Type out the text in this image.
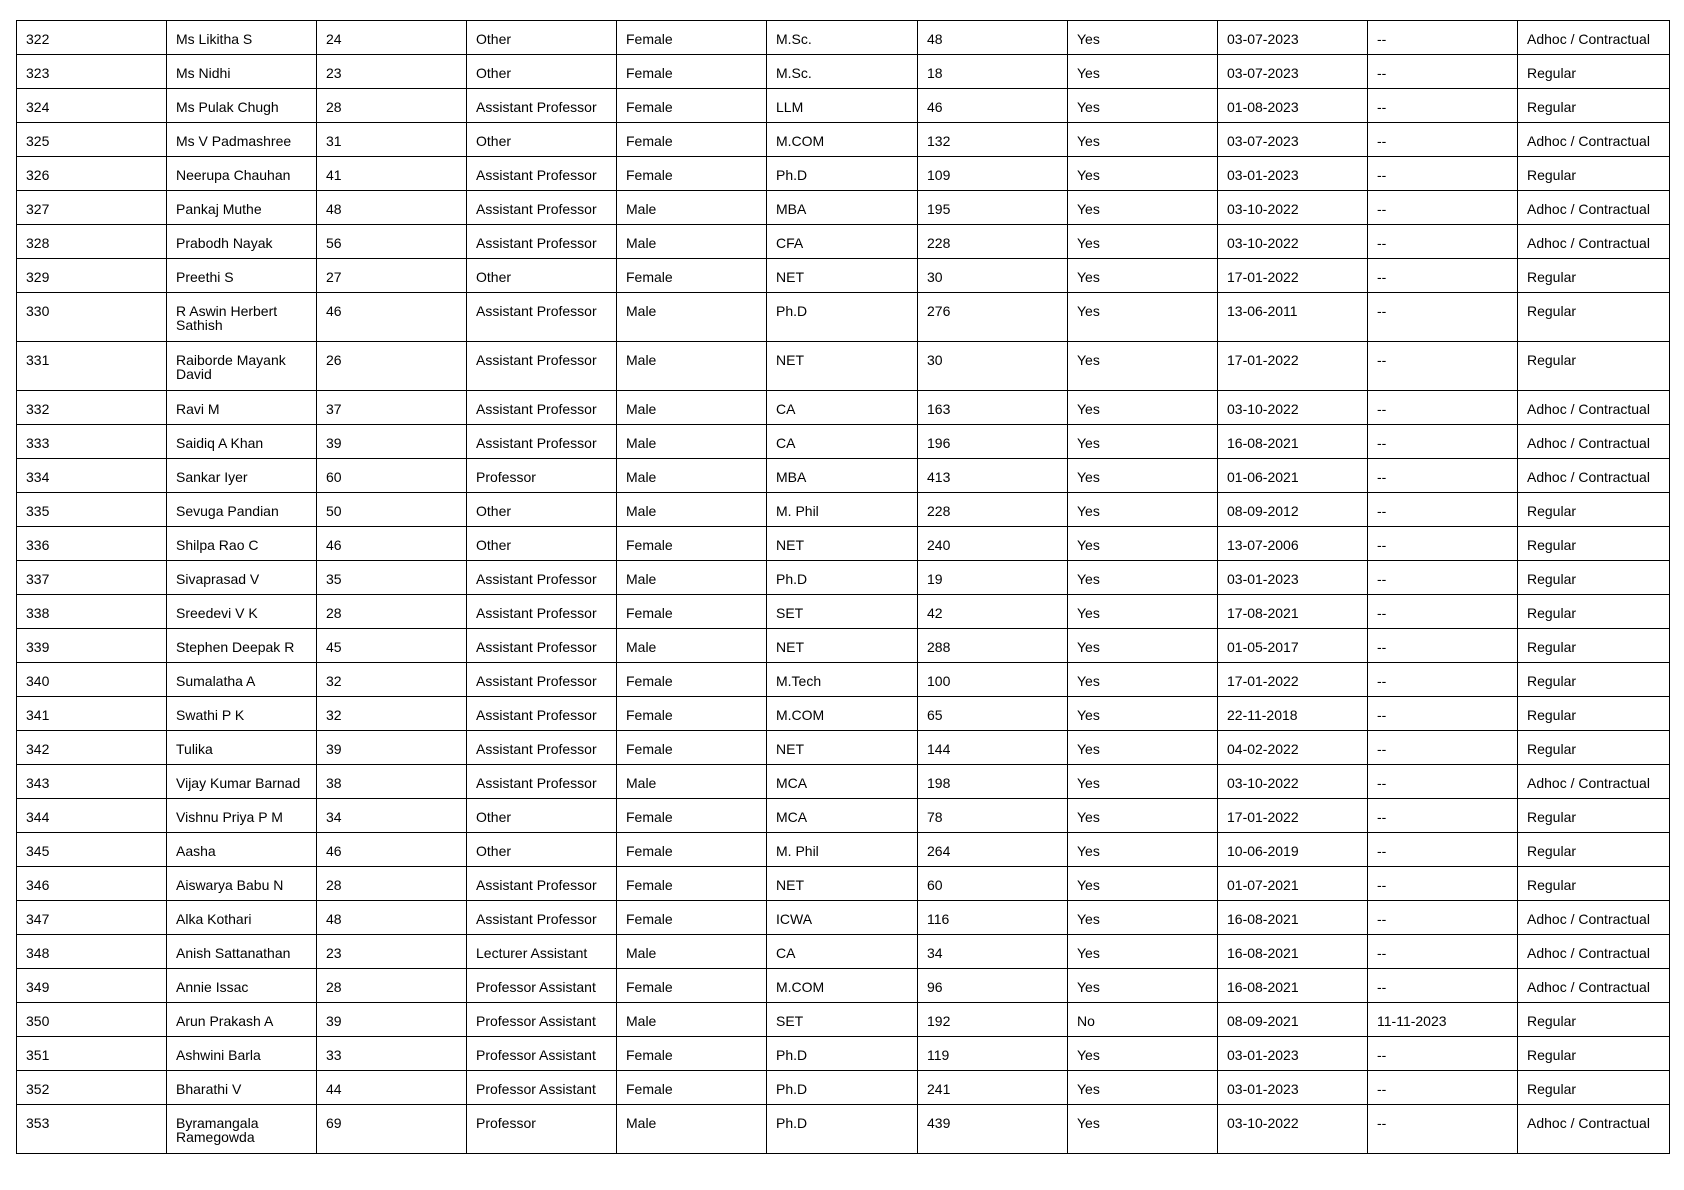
322	Ms Likitha S	24	Other	Female	M.Sc.	48	Yes	03-07-2023	--	Adhoc / Contractual
323	Ms Nidhi	23	Other	Female	M.Sc.	18	Yes	03-07-2023	--	Regular
324	Ms Pulak Chugh	28	Assistant Professor	Female	LLM	46	Yes	01-08-2023	--	Regular
325	Ms V Padmashree	31	Other	Female	M.COM	132	Yes	03-07-2023	--	Adhoc / Contractual
326	Neerupa Chauhan	41	Assistant Professor	Female	Ph.D	109	Yes	03-01-2023	--	Regular
327	Pankaj Muthe	48	Assistant Professor	Male	MBA	195	Yes	03-10-2022	--	Adhoc / Contractual
328	Prabodh Nayak	56	Assistant Professor	Male	CFA	228	Yes	03-10-2022	--	Adhoc / Contractual
329	Preethi S	27	Other	Female	NET	30	Yes	17-01-2022	--	Regular
330	R Aswin Herbert Sathish	46	Assistant Professor	Male	Ph.D	276	Yes	13-06-2011	--	Regular
331	Raiborde Mayank David	26	Assistant Professor	Male	NET	30	Yes	17-01-2022	--	Regular
332	Ravi M	37	Assistant Professor	Male	CA	163	Yes	03-10-2022	--	Adhoc / Contractual
333	Saidiq A Khan	39	Assistant Professor	Male	CA	196	Yes	16-08-2021	--	Adhoc / Contractual
334	Sankar Iyer	60	Professor	Male	MBA	413	Yes	01-06-2021	--	Adhoc / Contractual
335	Sevuga Pandian	50	Other	Male	M. Phil	228	Yes	08-09-2012	--	Regular
336	Shilpa Rao C	46	Other	Female	NET	240	Yes	13-07-2006	--	Regular
337	Sivaprasad V	35	Assistant Professor	Male	Ph.D	19	Yes	03-01-2023	--	Regular
338	Sreedevi V K	28	Assistant Professor	Female	SET	42	Yes	17-08-2021	--	Regular
339	Stephen Deepak R	45	Assistant Professor	Male	NET	288	Yes	01-05-2017	--	Regular
340	Sumalatha A	32	Assistant Professor	Female	M.Tech	100	Yes	17-01-2022	--	Regular
341	Swathi P K	32	Assistant Professor	Female	M.COM	65	Yes	22-11-2018	--	Regular
342	Tulika	39	Assistant Professor	Female	NET	144	Yes	04-02-2022	--	Regular
343	Vijay Kumar Barnad	38	Assistant Professor	Male	MCA	198	Yes	03-10-2022	--	Adhoc / Contractual
344	Vishnu Priya P M	34	Other	Female	MCA	78	Yes	17-01-2022	--	Regular
345	Aasha	46	Other	Female	M. Phil	264	Yes	10-06-2019	--	Regular
346	Aiswarya Babu N	28	Assistant Professor	Female	NET	60	Yes	01-07-2021	--	Regular
347	Alka Kothari	48	Assistant Professor	Female	ICWA	116	Yes	16-08-2021	--	Adhoc / Contractual
348	Anish Sattanathan	23	Lecturer Assistant	Male	CA	34	Yes	16-08-2021	--	Adhoc / Contractual
349	Annie Issac	28	Professor Assistant	Female	M.COM	96	Yes	16-08-2021	--	Adhoc / Contractual
350	Arun Prakash A	39	Professor Assistant	Male	SET	192	No	08-09-2021	11-11-2023	Regular
351	Ashwini Barla	33	Professor Assistant	Female	Ph.D	119	Yes	03-01-2023	--	Regular
352	Bharathi V	44	Professor Assistant	Female	Ph.D	241	Yes	03-01-2023	--	Regular
353	Byramangala Ramegowda	69	Professor	Male	Ph.D	439	Yes	03-10-2022	--	Adhoc / Contractual
